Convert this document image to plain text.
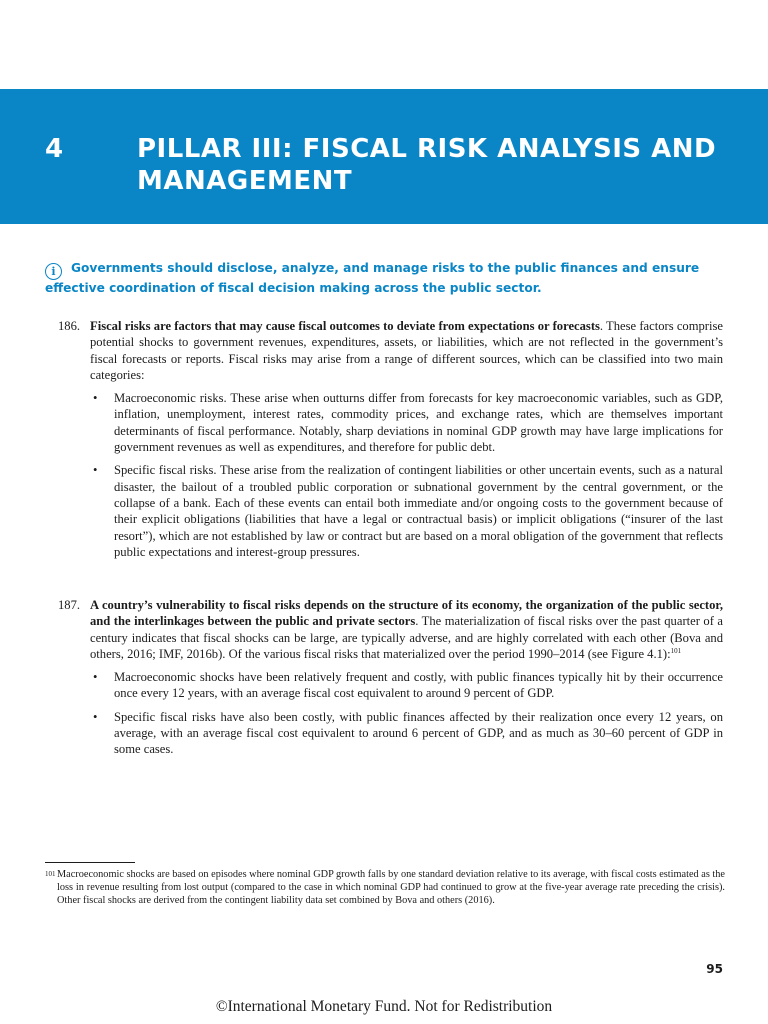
4	PILLAR III: FISCAL RISK ANALYSIS AND MANAGEMENT
i Governments should disclose, analyze, and manage risks to the public finances and ensure effective coordination of fiscal decision making across the public sector.
186. Fiscal risks are factors that may cause fiscal outcomes to deviate from expectations or forecasts. These factors comprise potential shocks to government revenues, expenditures, assets, or liabilities, which are not reflected in the government’s fiscal forecasts or reports. Fiscal risks may arise from a range of different sources, which can be classified into two main categories:
• Macroeconomic risks. These arise when outturns differ from forecasts for key macroeconomic variables, such as GDP, inflation, unemployment, interest rates, commodity prices, and exchange rates, which are themselves important determinants of fiscal performance. Notably, sharp deviations in nominal GDP growth may have large implications for government revenues as well as expenditures, and therefore for public debt.
• Specific fiscal risks. These arise from the realization of contingent liabilities or other uncertain events, such as a natural disaster, the bailout of a troubled public corporation or subnational government by the central government, or the collapse of a bank. Each of these events can entail both immediate and/or ongoing costs to the government because of their explicit obligations (liabilities that have a legal or contractual basis) or implicit obligations (“insurer of the last resort”), which are not established by law or contract but are based on a moral obligation of the government that reflects public expectations and interest-group pressures.
187. A country’s vulnerability to fiscal risks depends on the structure of its economy, the organization of the public sector, and the interlinkages between the public and private sectors. The materialization of fiscal risks over the past quarter of a century indicates that fiscal shocks can be large, are typically adverse, and are highly correlated with each other (Bova and others, 2016; IMF, 2016b). Of the various fiscal risks that materialized over the period 1990–2014 (see Figure 4.1):$^{101}$
• Macroeconomic shocks have been relatively frequent and costly, with public finances typically hit by their occurrence once every 12 years, with an average fiscal cost equivalent to around 9 percent of GDP.
• Specific fiscal risks have also been costly, with public finances affected by their realization once every 12 years, on average, with an average fiscal cost equivalent to around 6 percent of GDP, and as much as 30–60 percent of GDP in some cases.
101 Macroeconomic shocks are based on episodes where nominal GDP growth falls by one standard deviation relative to its average, with fiscal costs estimated as the loss in revenue resulting from lost output (compared to the case in which nominal GDP had continued to grow at the five-year average rate preceding the crisis). Other fiscal shocks are derived from the contingent liability data set combined by Bova and others (2016).
95
©International Monetary Fund. Not for Redistribution
